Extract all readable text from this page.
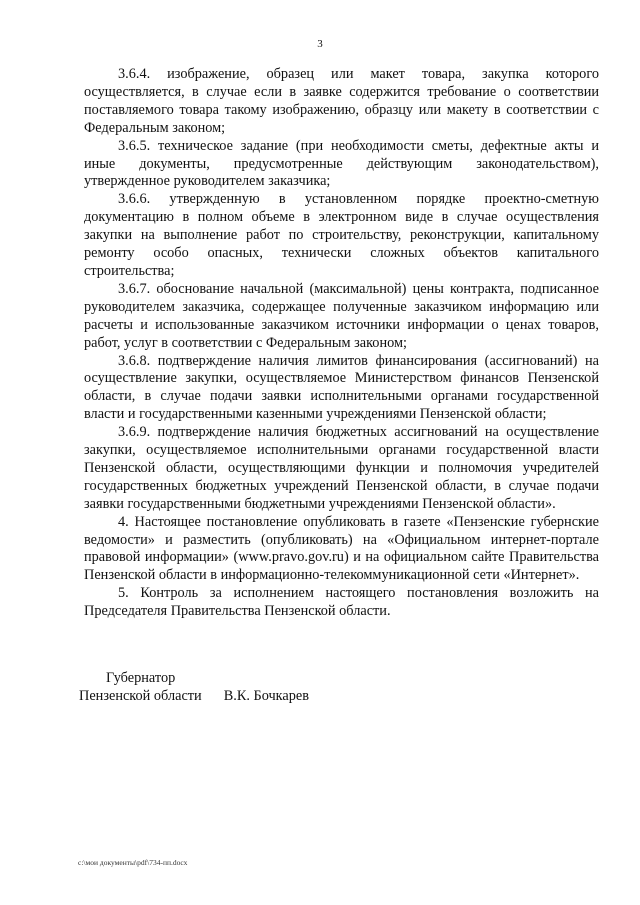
3

3.6.4. изображение, образец или макет товара, закупка которого осуществляется, в случае если в заявке содержится требование о соответствии поставляемого товара такому изображению, образцу или макету в соответствии с Федеральным законом;

3.6.5. техническое задание (при необходимости сметы, дефектные акты и иные документы, предусмотренные действующим законодательством), утвержденное руководителем заказчика;

3.6.6. утвержденную в установленном порядке проектно-сметную документацию в полном объеме в электронном виде в случае осуществления закупки на выполнение работ по строительству, реконструкции, капитальному ремонту особо опасных, технически сложных объектов капитального строительства;

3.6.7. обоснование начальной (максимальной) цены контракта, подписанное руководителем заказчика, содержащее полученные заказчиком информацию или расчеты и использованные заказчиком источники информации о ценах товаров, работ, услуг в соответствии с Федеральным законом;

3.6.8. подтверждение наличия лимитов финансирования (ассигнований) на осуществление закупки, осуществляемое Министерством финансов Пензенской области, в случае подачи заявки исполнительными органами государственной власти и государственными казенными учреждениями Пензенской области;

3.6.9. подтверждение наличия бюджетных ассигнований на осуществление закупки, осуществляемое исполнительными органами государственной власти Пензенской области, осуществляющими функции и полномочия учредителей государственных бюджетных учреждений Пензенской области, в случае подачи заявки государственными бюджетными учреждениями Пензенской области».

4. Настоящее постановление опубликовать в газете «Пензенские губернские ведомости» и разместить (опубликовать) на «Официальном интернет-портале правовой информации» (www.pravo.gov.ru) и на официальном сайте Правительства Пензенской области в информационно-телекоммуникационной сети «Интернет».

5. Контроль за исполнением настоящего постановления возложить на Председателя Правительства Пензенской области.

Губернатор
Пензенской области В.К. Бочкарев
c:\мои документы\pdf\734-пп.docx
